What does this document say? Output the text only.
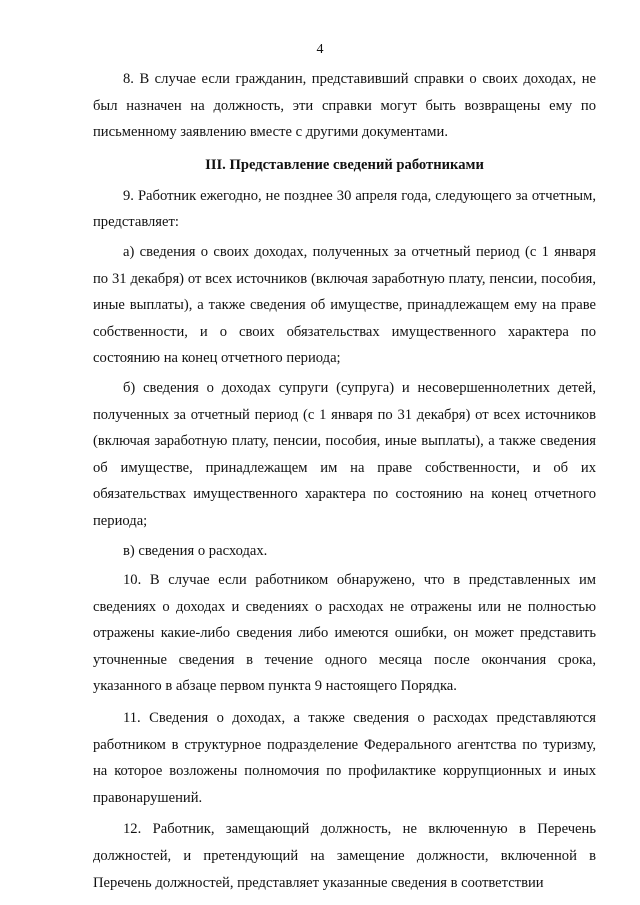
4

8. В случае если гражданин, представивший справки о своих доходах, не был назначен на должность, эти справки могут быть возвращены ему по письменному заявлению вместе с другими документами.

III. Представление сведений работниками

9. Работник ежегодно, не позднее 30 апреля года, следующего за отчетным, представляет:

а) сведения о своих доходах, полученных за отчетный период (с 1 января по 31 декабря) от всех источников (включая заработную плату, пенсии, пособия, иные выплаты), а также сведения об имуществе, принадлежащем ему на праве собственности, и о своих обязательствах имущественного характера по состоянию на конец отчетного периода;

б) сведения о доходах супруги (супруга) и несовершеннолетних детей, полученных за отчетный период (с 1 января по 31 декабря) от всех источников (включая заработную плату, пенсии, пособия, иные выплаты), а также сведения об имуществе, принадлежащем им на праве собственности, и об их обязательствах имущественного характера по состоянию на конец отчетного периода;

в) сведения о расходах.

10. В случае если работником обнаружено, что в представленных им сведениях о доходах и сведениях о расходах не отражены или не полностью отражены какие-либо сведения либо имеются ошибки, он может представить уточненные сведения в течение одного месяца после окончания срока, указанного в абзаце первом пункта 9 настоящего Порядка.

11. Сведения о доходах, а также сведения о расходах представляются работником в структурное подразделение Федерального агентства по туризму, на которое возложены полномочия по профилактике коррупционных и иных правонарушений.

12. Работник, замещающий должность, не включенную в Перечень должностей, и претендующий на замещение должности, включенной в Перечень должностей, представляет указанные сведения в соответствии
